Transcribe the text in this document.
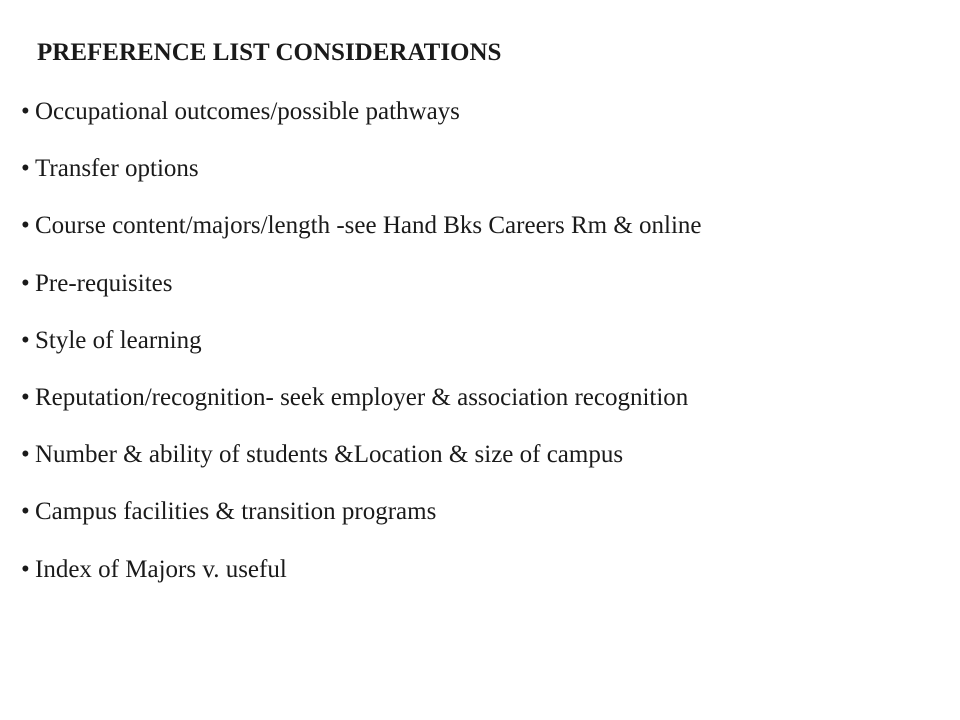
PREFERENCE LIST CONSIDERATIONS
• Occupational outcomes/possible pathways
• Transfer options
• Course content/majors/length -see Hand Bks Careers Rm & online
• Pre-requisites
• Style of learning
• Reputation/recognition- seek employer & association recognition
• Number & ability of students &Location & size of campus
• Campus facilities & transition programs
• Index of Majors v. useful
